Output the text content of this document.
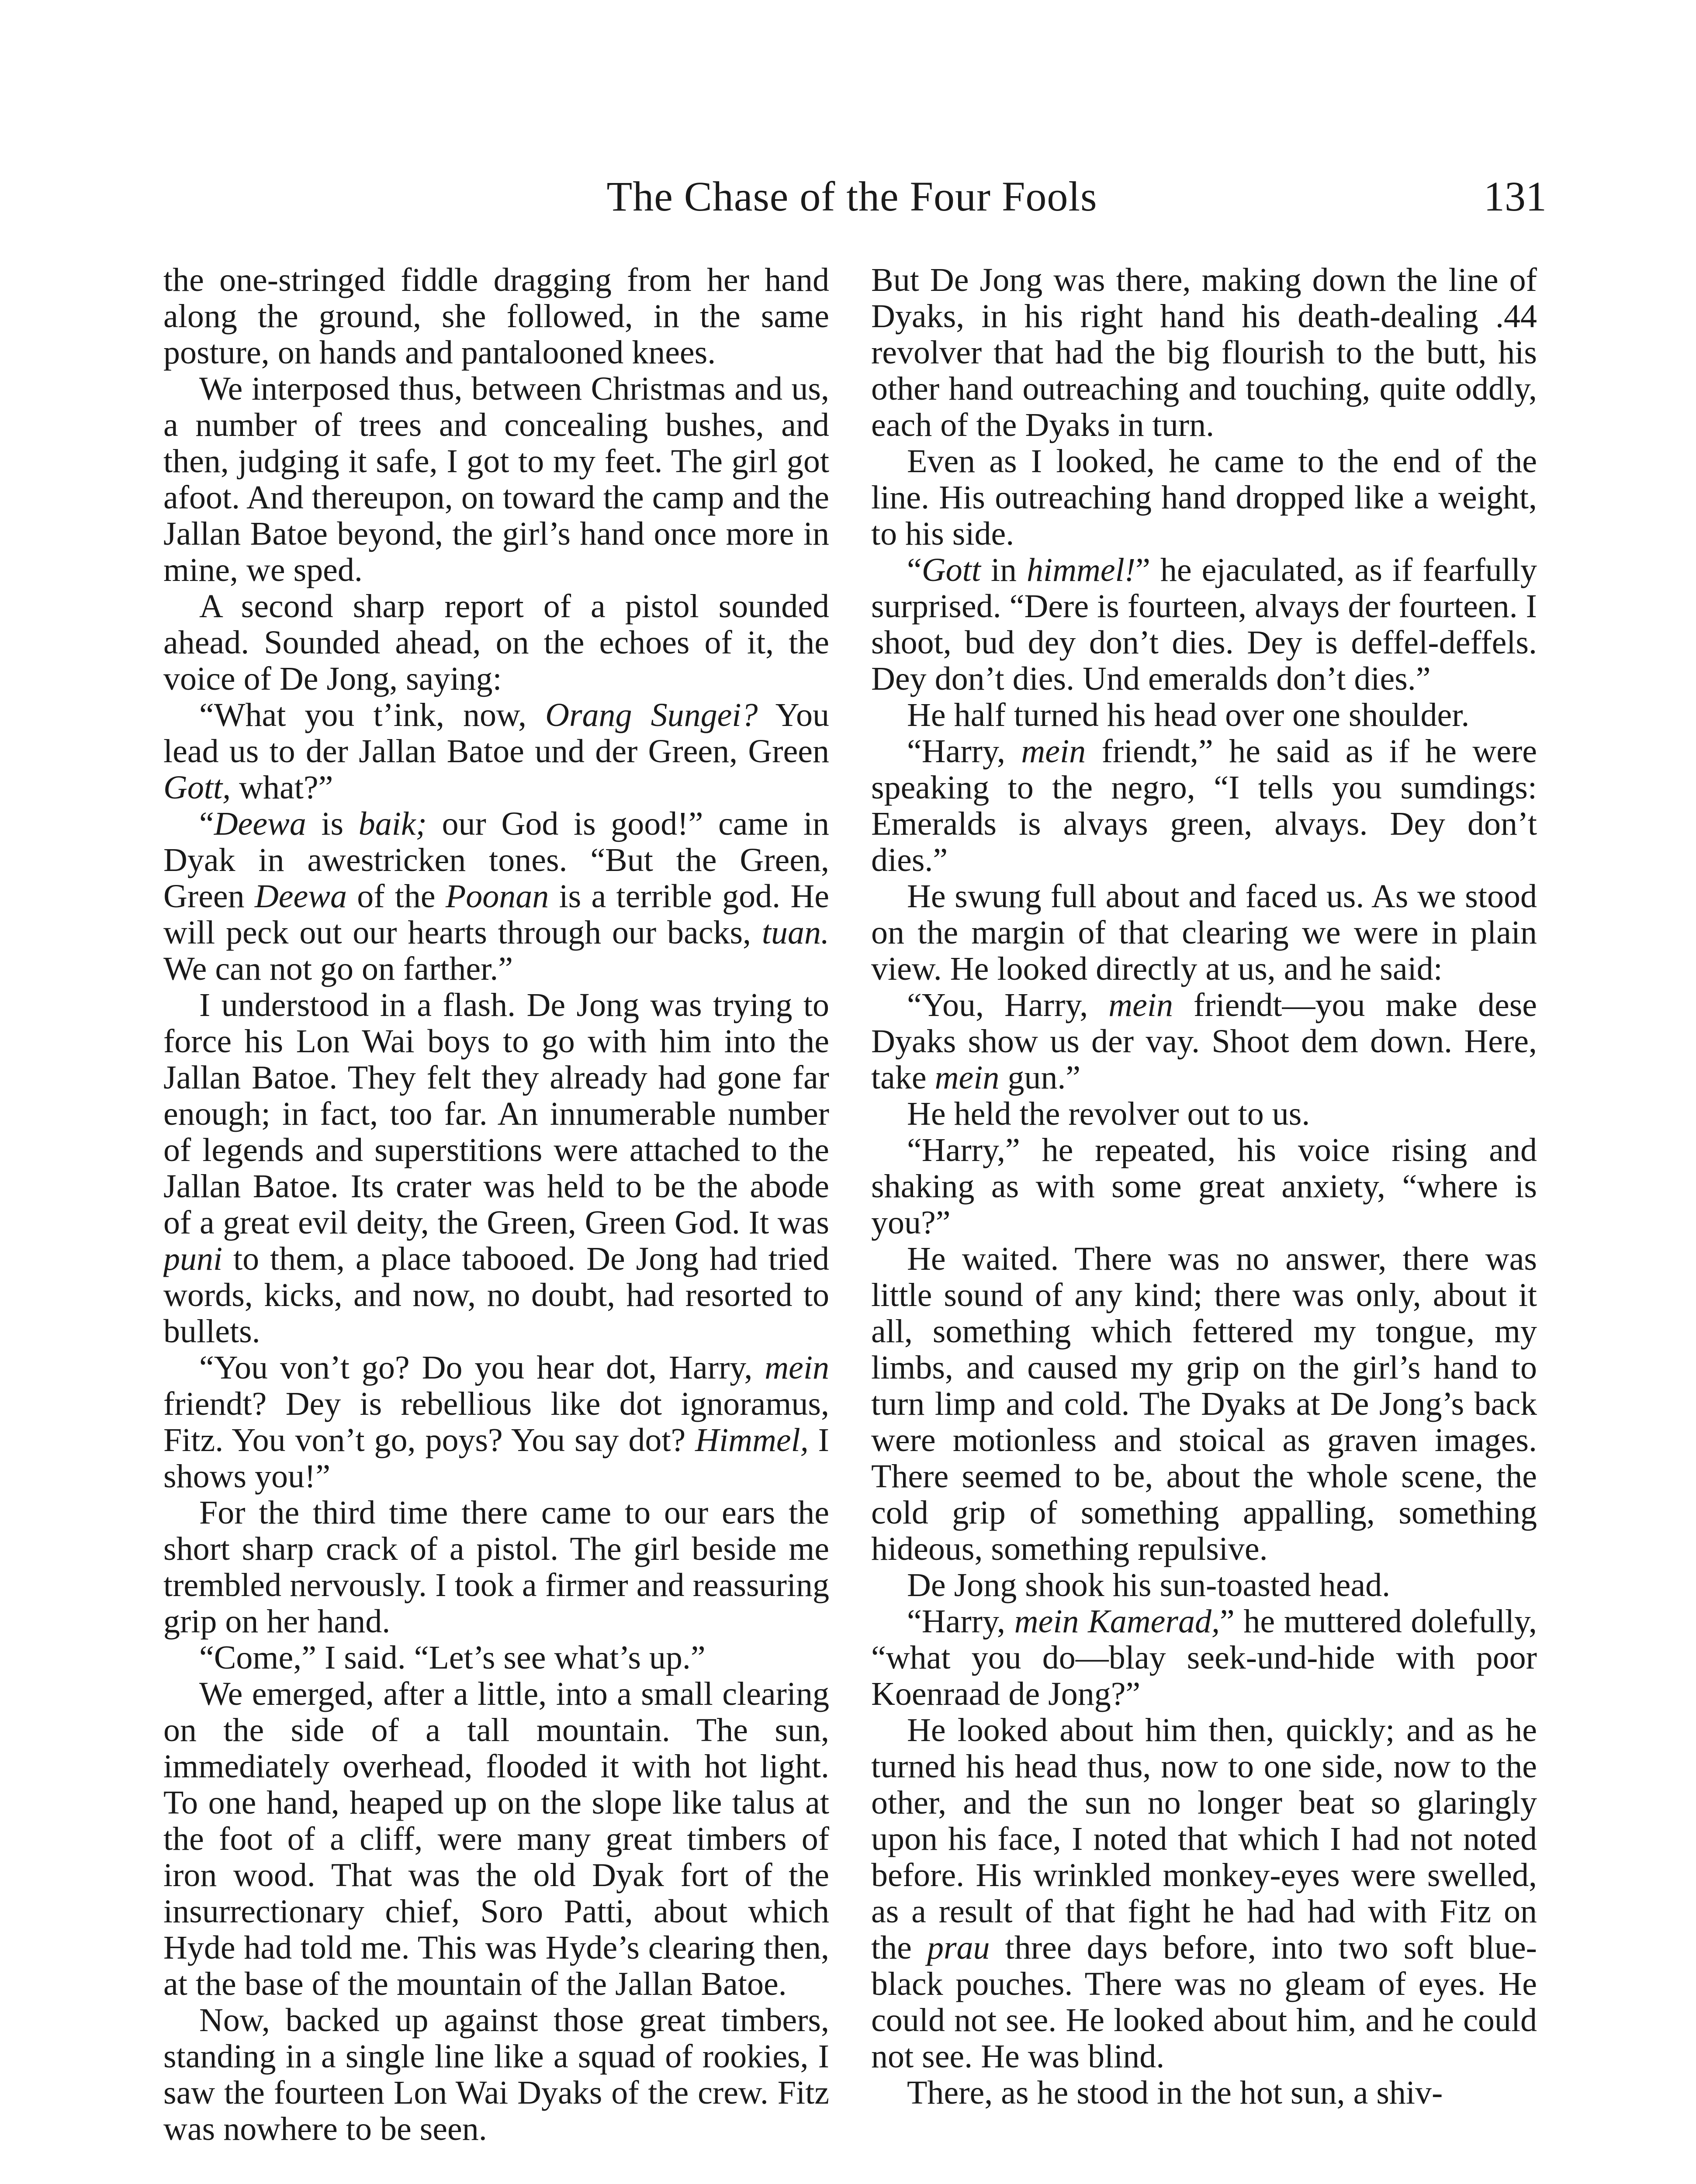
The Chase of the Four Fools	131

the one-stringed fiddle dragging from her hand along the ground, she followed, in the same posture, on hands and pantalooned knees.

We interposed thus, between Christmas and us, a number of trees and concealing bushes, and then, judging it safe, I got to my feet. The girl got afoot. And thereupon, on toward the camp and the Jallan Batoe beyond, the girl’s hand once more in mine, we sped.

A second sharp report of a pistol sounded ahead. Sounded ahead, on the echoes of it, the voice of De Jong, saying:

“What you t’ink, now, Orang Sungei? You lead us to der Jallan Batoe und der Green, Green Gott, what?”

“Deewa is baik; our God is good!” came in Dyak in awestricken tones. “But the Green, Green Deewa of the Poonan is a terrible god. He will peck out our hearts through our backs, tuan. We can not go on farther.”

I understood in a flash. De Jong was trying to force his Lon Wai boys to go with him into the Jallan Batoe. They felt they already had gone far enough; in fact, too far. An innumerable number of legends and superstitions were attached to the Jallan Batoe. Its crater was held to be the abode of a great evil deity, the Green, Green God. It was puni to them, a place tabooed. De Jong had tried words, kicks, and now, no doubt, had resorted to bullets.

“You von’t go? Do you hear dot, Harry, mein friendt? Dey is rebellious like dot ignoramus, Fitz. You von’t go, poys? You say dot? Himmel, I shows you!”

For the third time there came to our ears the short sharp crack of a pistol. The girl beside me trembled nervously. I took a firmer and reassuring grip on her hand.

“Come,” I said. “Let’s see what’s up.”

We emerged, after a little, into a small clearing on the side of a tall mountain. The sun, immediately overhead, flooded it with hot light. To one hand, heaped up on the slope like talus at the foot of a cliff, were many great timbers of iron wood. That was the old Dyak fort of the insurrectionary chief, Soro Patti, about which Hyde had told me. This was Hyde’s clearing then, at the base of the mountain of the Jallan Batoe.

Now, backed up against those great timbers, standing in a single line like a squad of rookies, I saw the fourteen Lon Wai Dyaks of the crew. Fitz was nowhere to be seen.

But De Jong was there, making down the line of Dyaks, in his right hand his death-dealing .44 revolver that had the big flourish to the butt, his other hand outreaching and touching, quite oddly, each of the Dyaks in turn.

Even as I looked, he came to the end of the line. His outreaching hand dropped like a weight, to his side.

“Gott in himmel!” he ejaculated, as if fearfully surprised. “Dere is fourteen, alvays der fourteen. I shoot, bud dey don’t dies. Dey is deffel-deffels. Dey don’t dies. Und emeralds don’t dies.”

He half turned his head over one shoulder.

“Harry, mein friendt,” he said as if he were speaking to the negro, “I tells you sumdings: Emeralds is alvays green, alvays. Dey don’t dies.”

He swung full about and faced us. As we stood on the margin of that clearing we were in plain view. He looked directly at us, and he said:

“You, Harry, mein friendt—you make dese Dyaks show us der vay. Shoot dem down. Here, take mein gun.”

He held the revolver out to us.

“Harry,” he repeated, his voice rising and shaking as with some great anxiety, “where is you?”

He waited. There was no answer, there was little sound of any kind; there was only, about it all, something which fettered my tongue, my limbs, and caused my grip on the girl’s hand to turn limp and cold. The Dyaks at De Jong’s back were motionless and stoical as graven images. There seemed to be, about the whole scene, the cold grip of something appalling, something hideous, something repulsive.

De Jong shook his sun-toasted head.

“Harry, mein Kamerad,” he muttered dolefully, “what you do—blay seek-und-hide with poor Koenraad de Jong?”

He looked about him then, quickly; and as he turned his head thus, now to one side, now to the other, and the sun no longer beat so glaringly upon his face, I noted that which I had not noted before. His wrinkled monkey-eyes were swelled, as a result of that fight he had had with Fitz on the prau three days before, into two soft blue-black pouches. There was no gleam of eyes. He could not see. He looked about him, and he could not see. He was blind.

There, as he stood in the hot sun, a shiv-
